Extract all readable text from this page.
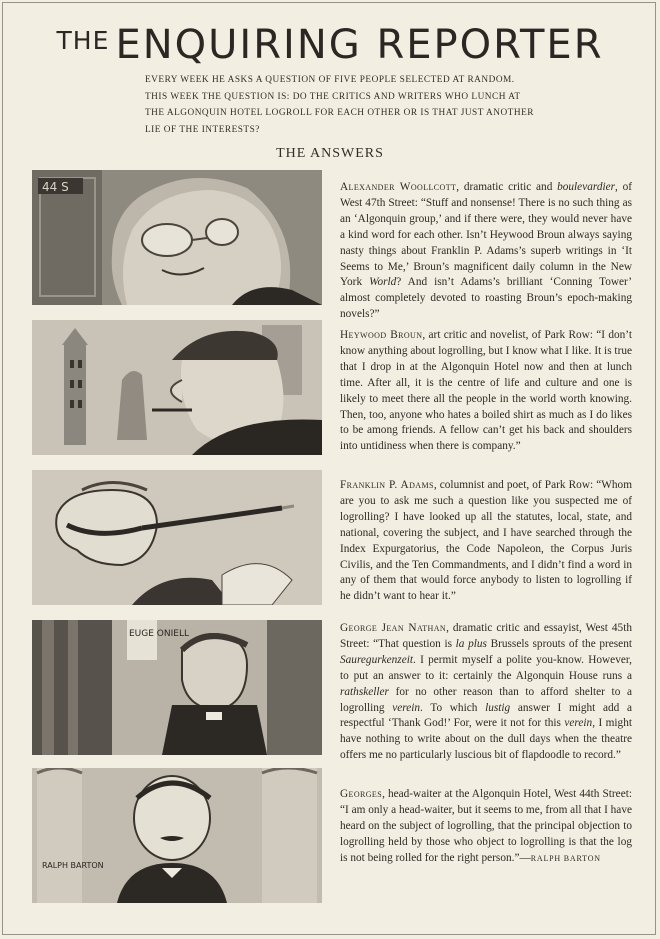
THE ENQUIRING REPORTER
EVERY WEEK HE ASKS A QUESTION OF FIVE PEOPLE SELECTED AT RANDOM. THIS WEEK THE QUESTION IS: DO THE CRITICS AND WRITERS WHO LUNCH AT THE ALGONQUIN HOTEL LOGROLL FOR EACH OTHER OR IS THAT JUST ANOTHER LIE OF THE INTERESTS?
THE ANSWERS
44 S
EUGE ONIELL
RALPH BARTON
Alexander Woollcott, dramatic critic and boulevardier, of West 47th Street: “Stuff and nonsense! There is no such thing as an ‘Algonquin group,’ and if there were, they would never have a kind word for each other. Isn’t Heywood Broun always saying nasty things about Franklin P. Adams’s superb writings in ‘It Seems to Me,’ Broun’s magnificent daily column in the New York World? And isn’t Adams’s brilliant ‘Conning Tower’ almost completely devoted to roasting Broun’s epoch-making novels?”
Heywood Broun, art critic and novelist, of Park Row: “I don’t know anything about logrolling, but I know what I like. It is true that I drop in at the Algonquin Hotel now and then at lunch time. After all, it is the centre of life and culture and one is likely to meet there all the people in the world worth knowing. Then, too, anyone who hates a boiled shirt as much as I do likes to be among friends. A fellow can’t get his back and shoulders into untidiness when there is company.”
Franklin P. Adams, columnist and poet, of Park Row: “Whom are you to ask me such a question like you suspected me of logrolling? I have looked up all the statutes, local, state, and national, covering the subject, and I have searched through the Index Expurgatorius, the Code Napoleon, the Corpus Juris Civilis, and the Ten Commandments, and I didn’t find a word in any of them that would force anybody to listen to logrolling if he didn’t want to hear it.”
George Jean Nathan, dramatic critic and essayist, West 45th Street: “That question is la plus Brussels sprouts of the present Sauregurkenzeit. I permit myself a polite you-know. However, to put an answer to it: certainly the Algonquin House runs a rathskeller for no other reason than to afford shelter to a logrolling verein. To which lustig answer I might add a respectful ‘Thank God!’ For, were it not for this verein, I might have nothing to write about on the dull days when the theatre offers me no particularly luscious bit of flapdoodle to record.”
Georges, head-waiter at the Algonquin Hotel, West 44th Street: “I am only a head-waiter, but it seems to me, from all that I have heard on the subject of logrolling, that the principal objection to logrolling held by those who object to logrolling is that the log is not being rolled for the right person.”—RALPH BARTON
